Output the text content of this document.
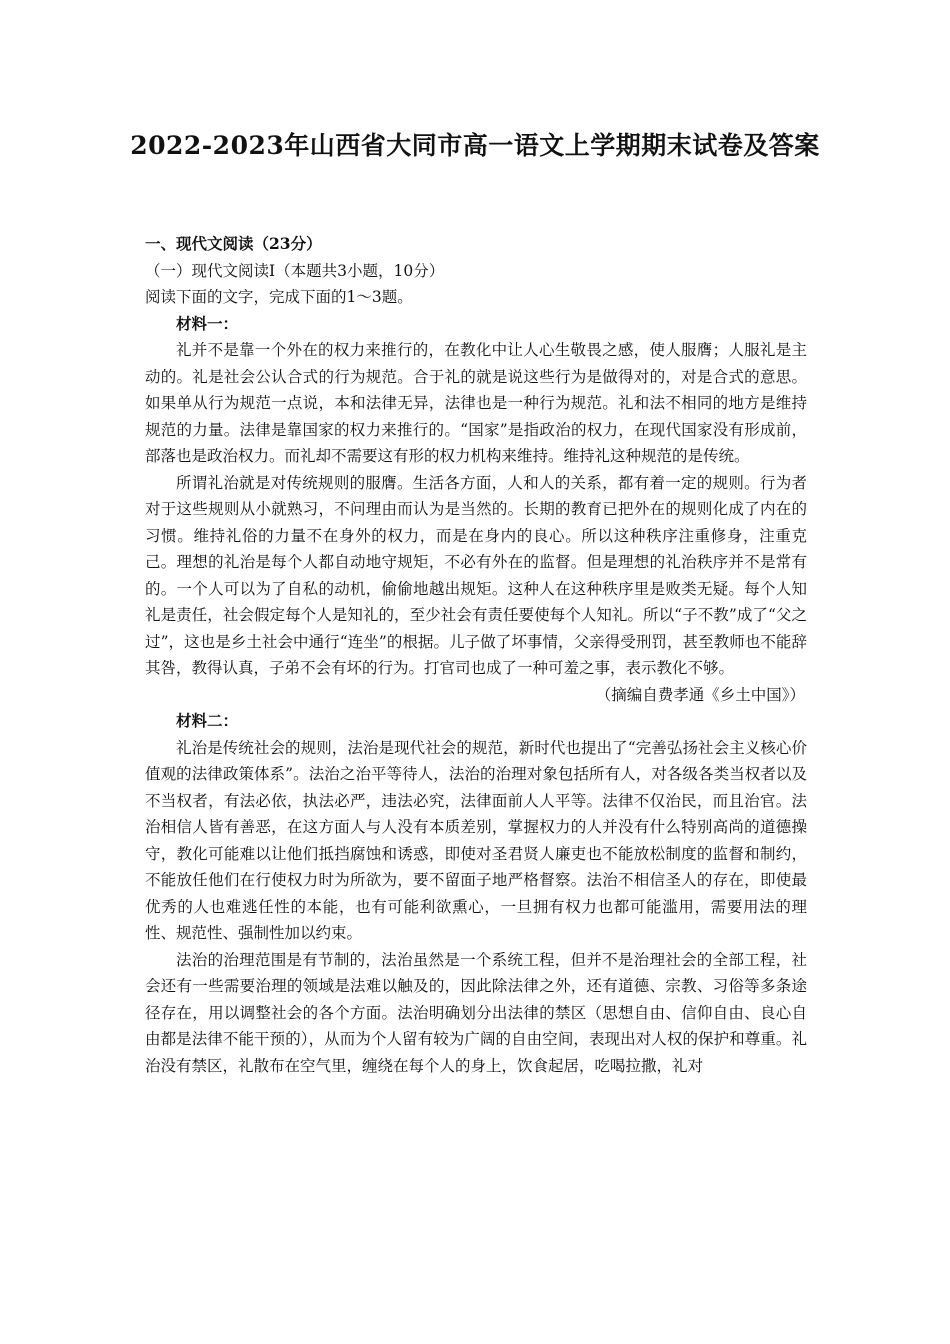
2022-2023年山西省大同市高一语文上学期期末试卷及答案

一、现代文阅读（23分）

（一）现代文阅读Ⅰ（本题共3小题，10分）

阅读下面的文字，完成下面的1～3题。

材料一：

礼并不是靠一个外在的权力来推行的，在教化中让人心生敬畏之感，使人服膺；人服礼是主动的。礼是社会公认合式的行为规范。合于礼的就是说这些行为是做得对的，对是合式的意思。如果单从行为规范一点说，本和法律无异，法律也是一种行为规范。礼和法不相同的地方是维持规范的力量。法律是靠国家的权力来推行的。“国家”是指政治的权力，在现代国家没有形成前，部落也是政治权力。而礼却不需要这有形的权力机构来维持。维持礼这种规范的是传统。

所谓礼治就是对传统规则的服膺。生活各方面，人和人的关系，都有着一定的规则。行为者对于这些规则从小就熟习，不问理由而认为是当然的。长期的教育已把外在的规则化成了内在的习惯。维持礼俗的力量不在身外的权力，而是在身内的良心。所以这种秩序注重修身，注重克己。理想的礼治是每个人都自动地守规矩，不必有外在的监督。但是理想的礼治秩序并不是常有的。一个人可以为了自私的动机，偷偷地越出规矩。这种人在这种秩序里是败类无疑。每个人知礼是责任，社会假定每个人是知礼的，至少社会有责任要使每个人知礼。所以“子不教”成了“父之过”，这也是乡土社会中通行“连坐”的根据。儿子做了坏事情，父亲得受刑罚，甚至教师也不能辞其咎，教得认真，子弟不会有坏的行为。打官司也成了一种可羞之事，表示教化不够。

（摘编自费孝通《乡土中国》）

材料二：

礼治是传统社会的规则，法治是现代社会的规范，新时代也提出了“完善弘扬社会主义核心价值观的法律政策体系”。法治之治平等待人，法治的治理对象包括所有人，对各级各类当权者以及不当权者，有法必依，执法必严，违法必究，法律面前人人平等。法律不仅治民，而且治官。法治相信人皆有善恶，在这方面人与人没有本质差别，掌握权力的人并没有什么特别高尚的道德操守，教化可能难以让他们抵挡腐蚀和诱惑，即使对圣君贤人廉吏也不能放松制度的监督和制约，不能放任他们在行使权力时为所欲为，要不留面子地严格督察。法治不相信圣人的存在，即使最优秀的人也难逃任性的本能，也有可能利欲熏心，一旦拥有权力也都可能滥用，需要用法的理性、规范性、强制性加以约束。

法治的治理范围是有节制的，法治虽然是一个系统工程，但并不是治理社会的全部工程，社会还有一些需要治理的领域是法难以触及的，因此除法律之外，还有道德、宗教、习俗等多条途径存在，用以调整社会的各个方面。法治明确划分出法律的禁区（思想自由、信仰自由、良心自由都是法律不能干预的），从而为个人留有较为广阔的自由空间，表现出对人权的保护和尊重。礼治没有禁区，礼散布在空气里，缠绕在每个人的身上，饮食起居，吃喝拉撒，礼对
